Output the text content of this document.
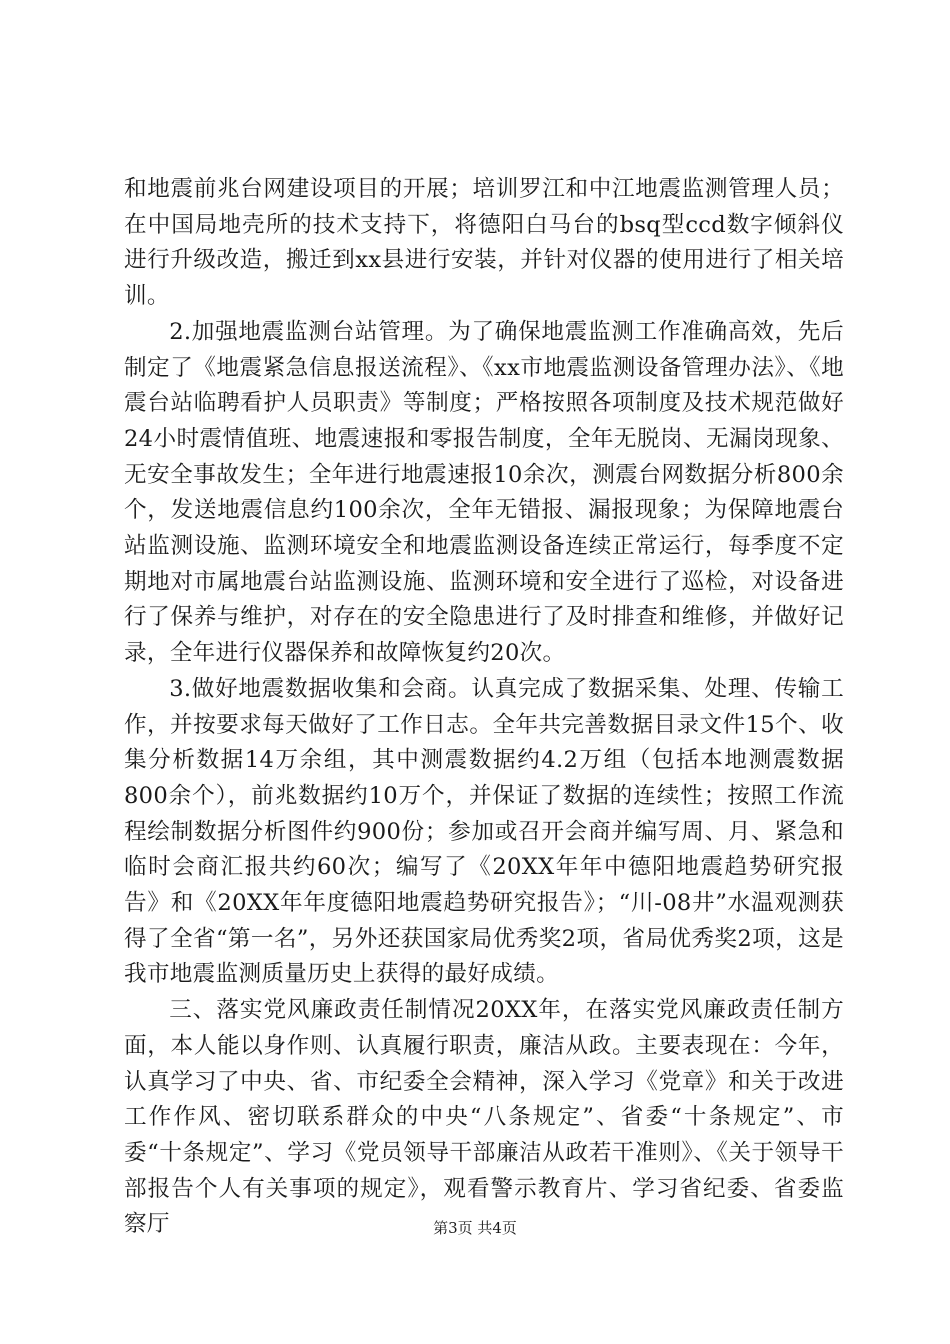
和地震前兆台网建设项目的开展；培训罗江和中江地震监测管理人员；在中国局地壳所的技术支持下，将德阳白马台的bsq型ccd数字倾斜仪进行升级改造，搬迁到xx县进行安装，并针对仪器的使用进行了相关培训。

2.加强地震监测台站管理。为了确保地震监测工作准确高效，先后制定了《地震紧急信息报送流程》、《xx市地震监测设备管理办法》、《地震台站临聘看护人员职责》等制度；严格按照各项制度及技术规范做好24小时震情值班、地震速报和零报告制度，全年无脱岗、无漏岗现象、无安全事故发生；全年进行地震速报10余次，测震台网数据分析800余个，发送地震信息约100余次，全年无错报、漏报现象；为保障地震台站监测设施、监测环境安全和地震监测设备连续正常运行，每季度不定期地对市属地震台站监测设施、监测环境和安全进行了巡检，对设备进行了保养与维护，对存在的安全隐患进行了及时排查和维修，并做好记录，全年进行仪器保养和故障恢复约20次。

3.做好地震数据收集和会商。认真完成了数据采集、处理、传输工作，并按要求每天做好了工作日志。全年共完善数据目录文件15个、收集分析数据14万余组，其中测震数据约4.2万组（包括本地测震数据800余个），前兆数据约10万个，并保证了数据的连续性；按照工作流程绘制数据分析图件约900份；参加或召开会商并编写周、月、紧急和临时会商汇报共约60次；编写了《20XX年年中德阳地震趋势研究报告》和《20XX年年度德阳地震趋势研究报告》；“川-08井”水温观测获得了全省“第一名”，另外还获国家局优秀奖2项，省局优秀奖2项，这是我市地震监测质量历史上获得的最好成绩。

三、落实党风廉政责任制情况20XX年，在落实党风廉政责任制方面，本人能以身作则、认真履行职责，廉洁从政。主要表现在：今年，认真学习了中央、省、市纪委全会精神，深入学习《党章》和关于改进工作作风、密切联系群众的中央“八条规定”、省委“十条规定”、市委“十条规定”、学习《党员领导干部廉洁从政若干准则》、《关于领导干部报告个人有关事项的规定》，观看警示教育片、学习省纪委、省委监察厅	第3页 共4页
